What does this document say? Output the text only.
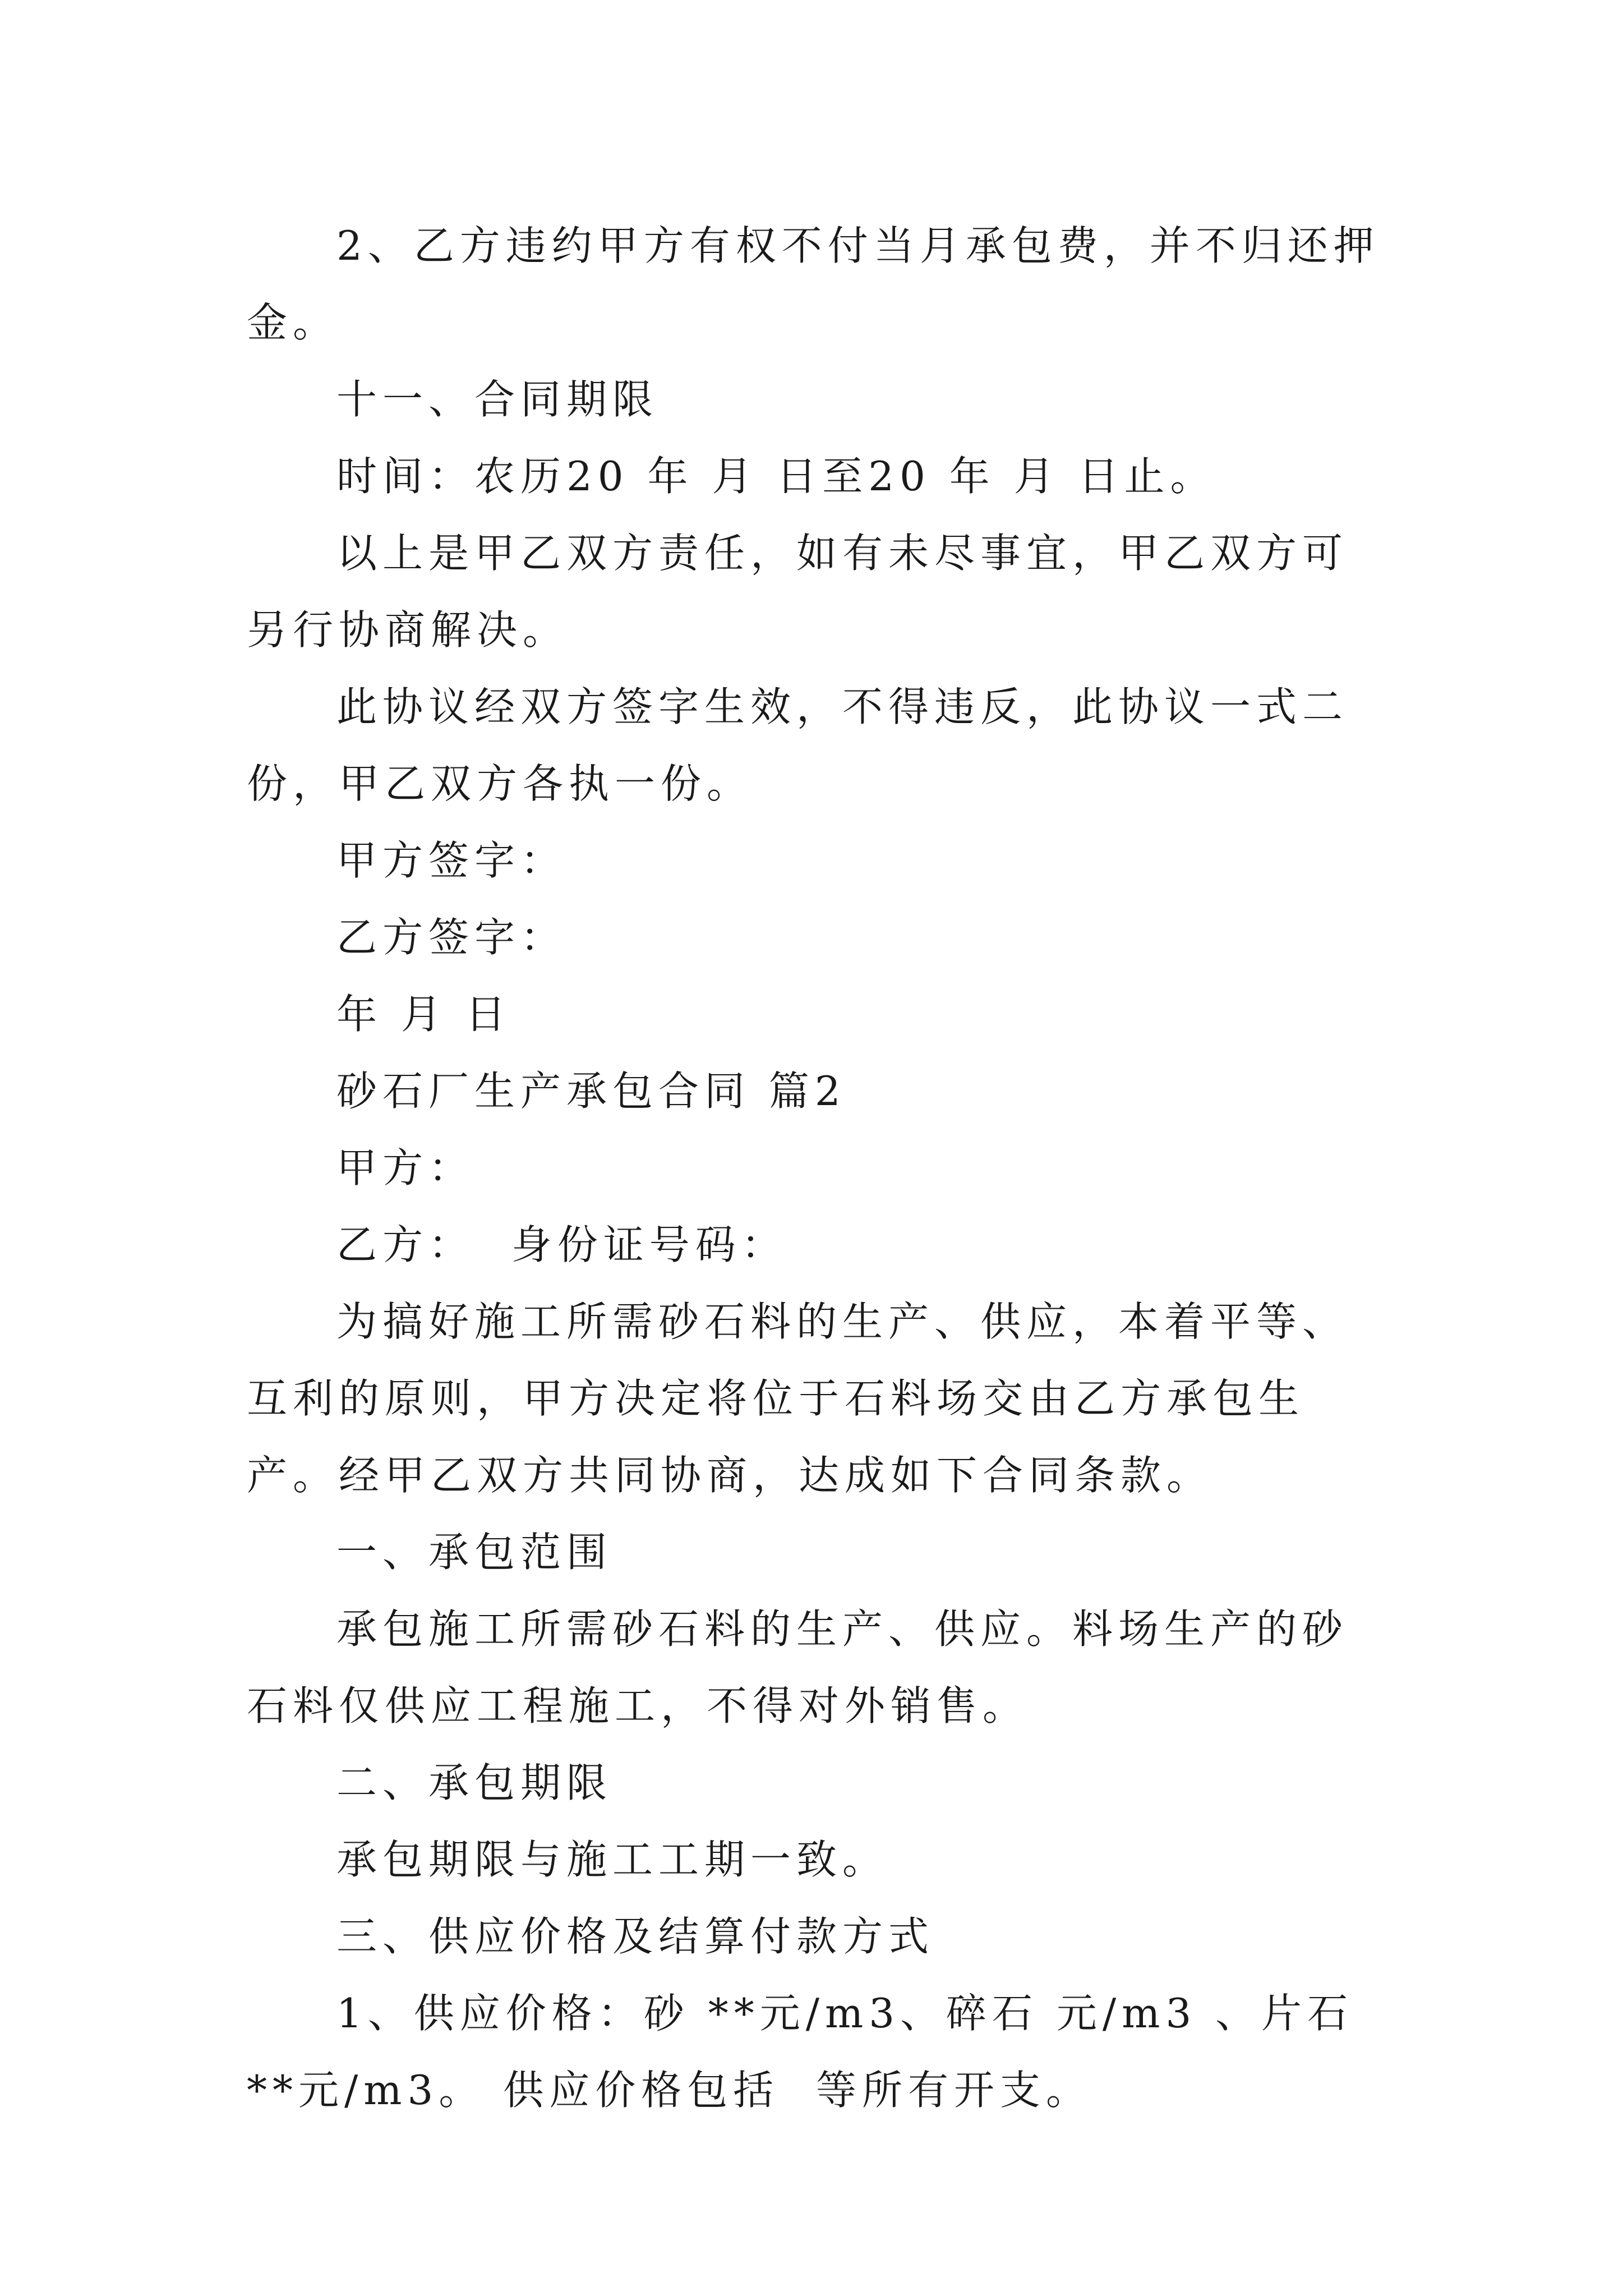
2、乙方违约甲方有权不付当月承包费，并不归还押金。

十一、合同期限

时间：农历20 年 月 日至20 年 月 日止。

以上是甲乙双方责任，如有未尽事宜，甲乙双方可另行协商解决。

此协议经双方签字生效，不得违反，此协议一式二份，甲乙双方各执一份。

甲方签字：

乙方签字：

年 月 日

砂石厂生产承包合同 篇2

甲方：

乙方：  身份证号码：

为搞好施工所需砂石料的生产、供应，本着平等、互利的原则，甲方决定将位于石料场交由乙方承包生产。经甲乙双方共同协商，达成如下合同条款。

一、承包范围

承包施工所需砂石料的生产、供应。料场生产的砂石料仅供应工程施工，不得对外销售。

二、承包期限

承包期限与施工工期一致。

三、供应价格及结算付款方式

1、供应价格：砂 **元/m3、碎石 元/m3 、片石 **元/m3。 供应价格包括  等所有开支。
